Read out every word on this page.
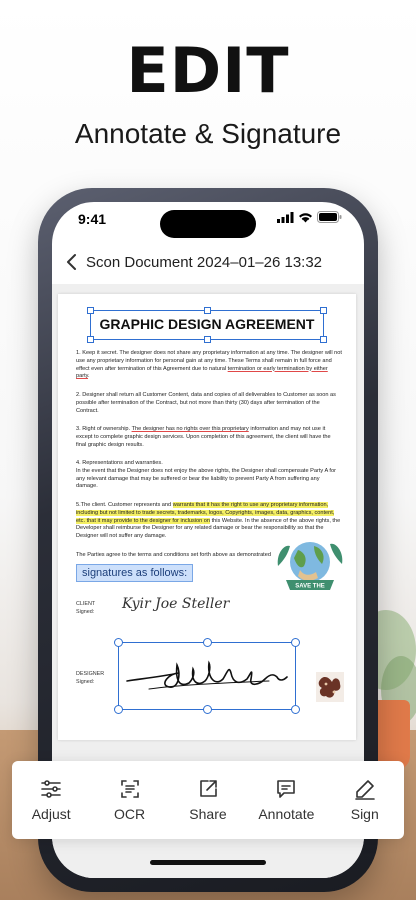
EDIT
Annotate & Signature
9:41
Scon Document 2024–01–26 13:32
GRAPHIC DESIGN AGREEMENT

1. Keep it secret. The designer does not share any proprietary information at any time. The designer will not use any proprietary information for personal gain at any time. These Terms shall remain in full force and effect even after termination of this Agreement due to natural termination or early termination by either party.

2. Designer shall return all Customer Content, data and copies of all deliverables to Customer as soon as possible after termination of the Contract, but not more than thirty (30) days after termination of the Contract.

3. Right of ownership. The designer has no rights over this proprietary information and may not use it except to complete graphic design services. Upon completion of this agreement, the client will have the final graphic design results.

4. Representations and warranties.
In the event that the Designer does not enjoy the above rights, the Designer shall compensate Party A for any relevant damage that may be suffered or bear the liability to prevent Party A from suffering any damage.

5.The client. Customer represents and warrants that it has the right to use any proprietary information, including but not limited to trade secrets, trademarks, logos, Copyrights, images, data, graphics, content, etc. that it may provide to the designer for inclusion on this Website. In the absence of the above rights, the Developer shall reimburse the Designer for any related damage or bear the responsibility so that the Designer will not suffer any damage.

The Parties agree to the terms and conditions set forth above as demonstrated

signatures as follows:
SAVE THE
CLIENT
Signed: Kyir Joe Steller
DESIGNER
Signed:
Adjust	OCR	Share Annotate	Sign
